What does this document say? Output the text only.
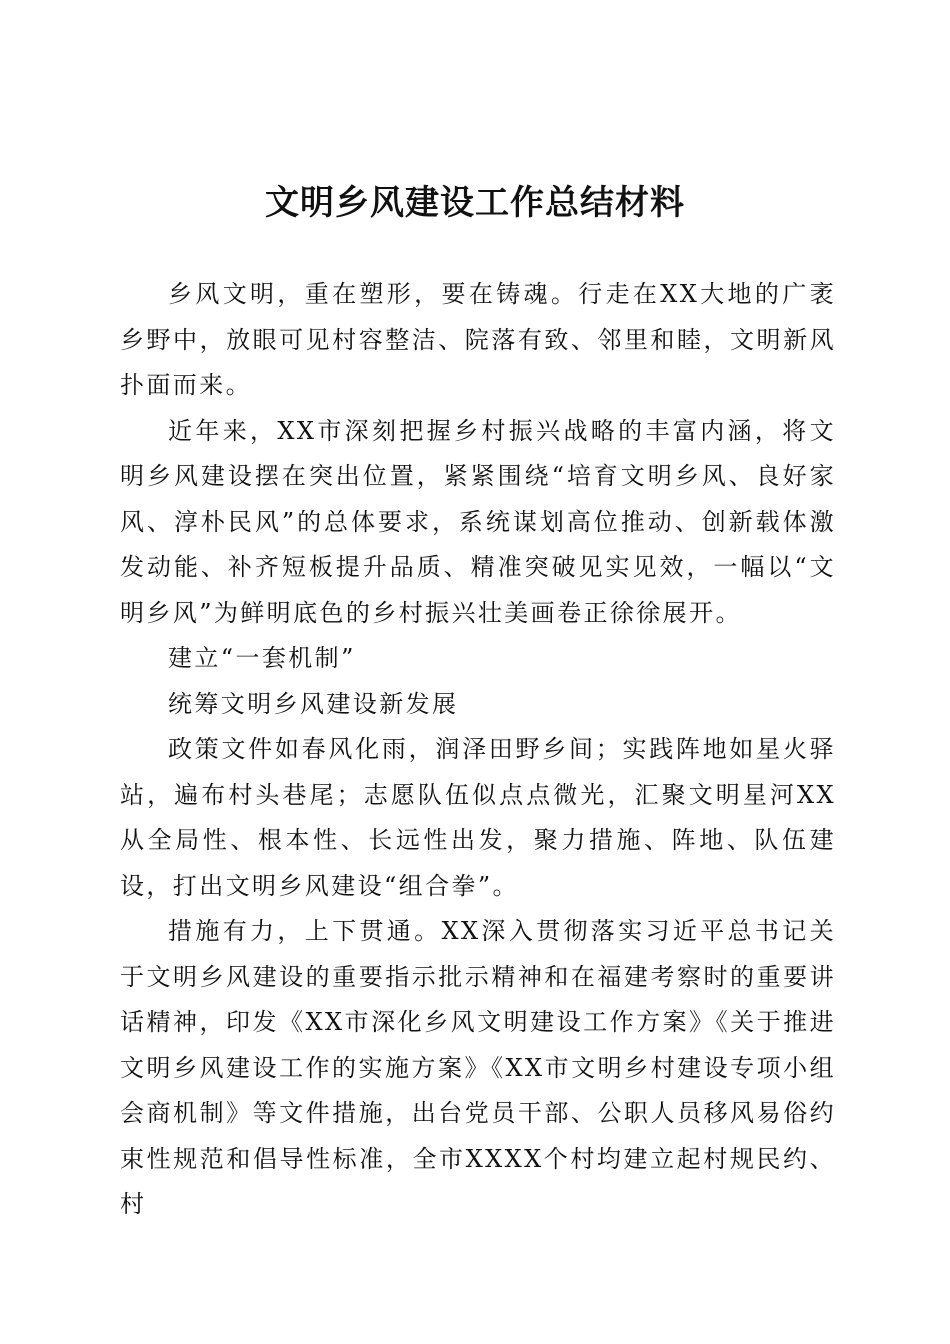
文明乡风建设工作总结材料

乡风文明，重在塑形，要在铸魂。行走在XX大地的广袤乡野中，放眼可见村容整洁、院落有致、邻里和睦，文明新风扑面而来。

近年来，XX市深刻把握乡村振兴战略的丰富内涵，将文明乡风建设摆在突出位置，紧紧围绕“培育文明乡风、良好家风、淳朴民风”的总体要求，系统谋划高位推动、创新载体激发动能、补齐短板提升品质、精准突破见实见效，一幅以“文明乡风”为鲜明底色的乡村振兴壮美画卷正徐徐展开。

建立“一套机制”

统筹文明乡风建设新发展

政策文件如春风化雨，润泽田野乡间；实践阵地如星火驿站，遍布村头巷尾；志愿队伍似点点微光，汇聚文明星河XX从全局性、根本性、长远性出发，聚力措施、阵地、队伍建设，打出文明乡风建设“组合拳”。

措施有力，上下贯通。XX深入贯彻落实习近平总书记关于文明乡风建设的重要指示批示精神和在福建考察时的重要讲话精神，印发《XX市深化乡风文明建设工作方案》《关于推进文明乡风建设工作的实施方案》《XX市文明乡村建设专项小组会商机制》等文件措施，出台党员干部、公职人员移风易俗约束性规范和倡导性标准，全市XXXX个村均建立起村规民约、村
